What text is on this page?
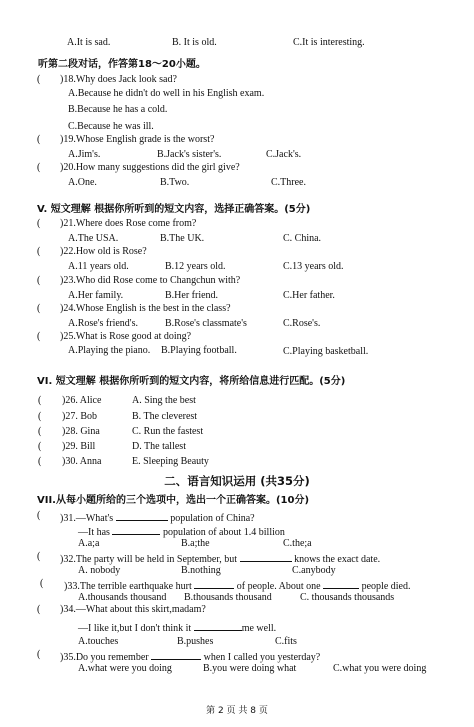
A.It is sad.	B. It is old.	C.It is interesting.
听第二段对话，作答第18～20小题。
( )18.Why does Jack look sad?
A.Because he didn't do well in his English exam.
B.Because he has a cold.
C.Because he was ill.
( )19.Whose English grade is the worst?
A.Jim's.	B.Jack's sister's.	C.Jack's.
( )20.How many suggestions did the girl give?
A.One.	B.Two.	C.Three.
V. 短文理解 根据你所听到的短文内容，选择正确答案。(5分)
( )21.Where does Rose come from?
A.The USA.	B.The UK.	C. China.
( )22.How old is Rose?
A.11 years old.	B.12 years old.	C.13 years old.
( )23.Who did Rose come to Changchun with?
A.Her family.	B.Her friend.	C.Her father.
( )24.Whose English is the best in the class?
A.Rose's friend's.	B.Rose's classmate's	C.Rose's.
( )25.What is Rose good at doing?
A.Playing the piano. B.Playing football.	C.Playing basketball.
VI. 短文理解 根据你所听到的短文内容，将所给信息进行匹配。(5分)
( )26. Alice	A. Sing the best
( )27. Bob	B. The cleverest
( )28. Gina	C. Run the fastest
( )29. Bill	D. The tallest
( )30. Anna	E. Sleeping Beauty
二、语言知识运用 (共35分)
VII.从每小题所给的三个选项中，选出一个正确答案。(10分)
( )31.—What's	population of China?
—It has	population of about 1.4 billion
A.a;a	B.a;the	C.the;a
( )32.The party will be held in September, but	knows the exact date.
A. nobody	B.nothing	C.anybody
( )33.The terrible earthquake hurt	of people. About one	people died.
A.thousands thousand B.thousands thousand	C. thousands thousands
( )34.—What about this skirt,madam?
—I like it,but I don't think it	me well.
A.touches	B.pushes	C.fits
( )35.Do you remember	when I called you yesterday?
A.what were you doing	B.you were doing what	C.what you were doing
第 2 页 共 8 页
